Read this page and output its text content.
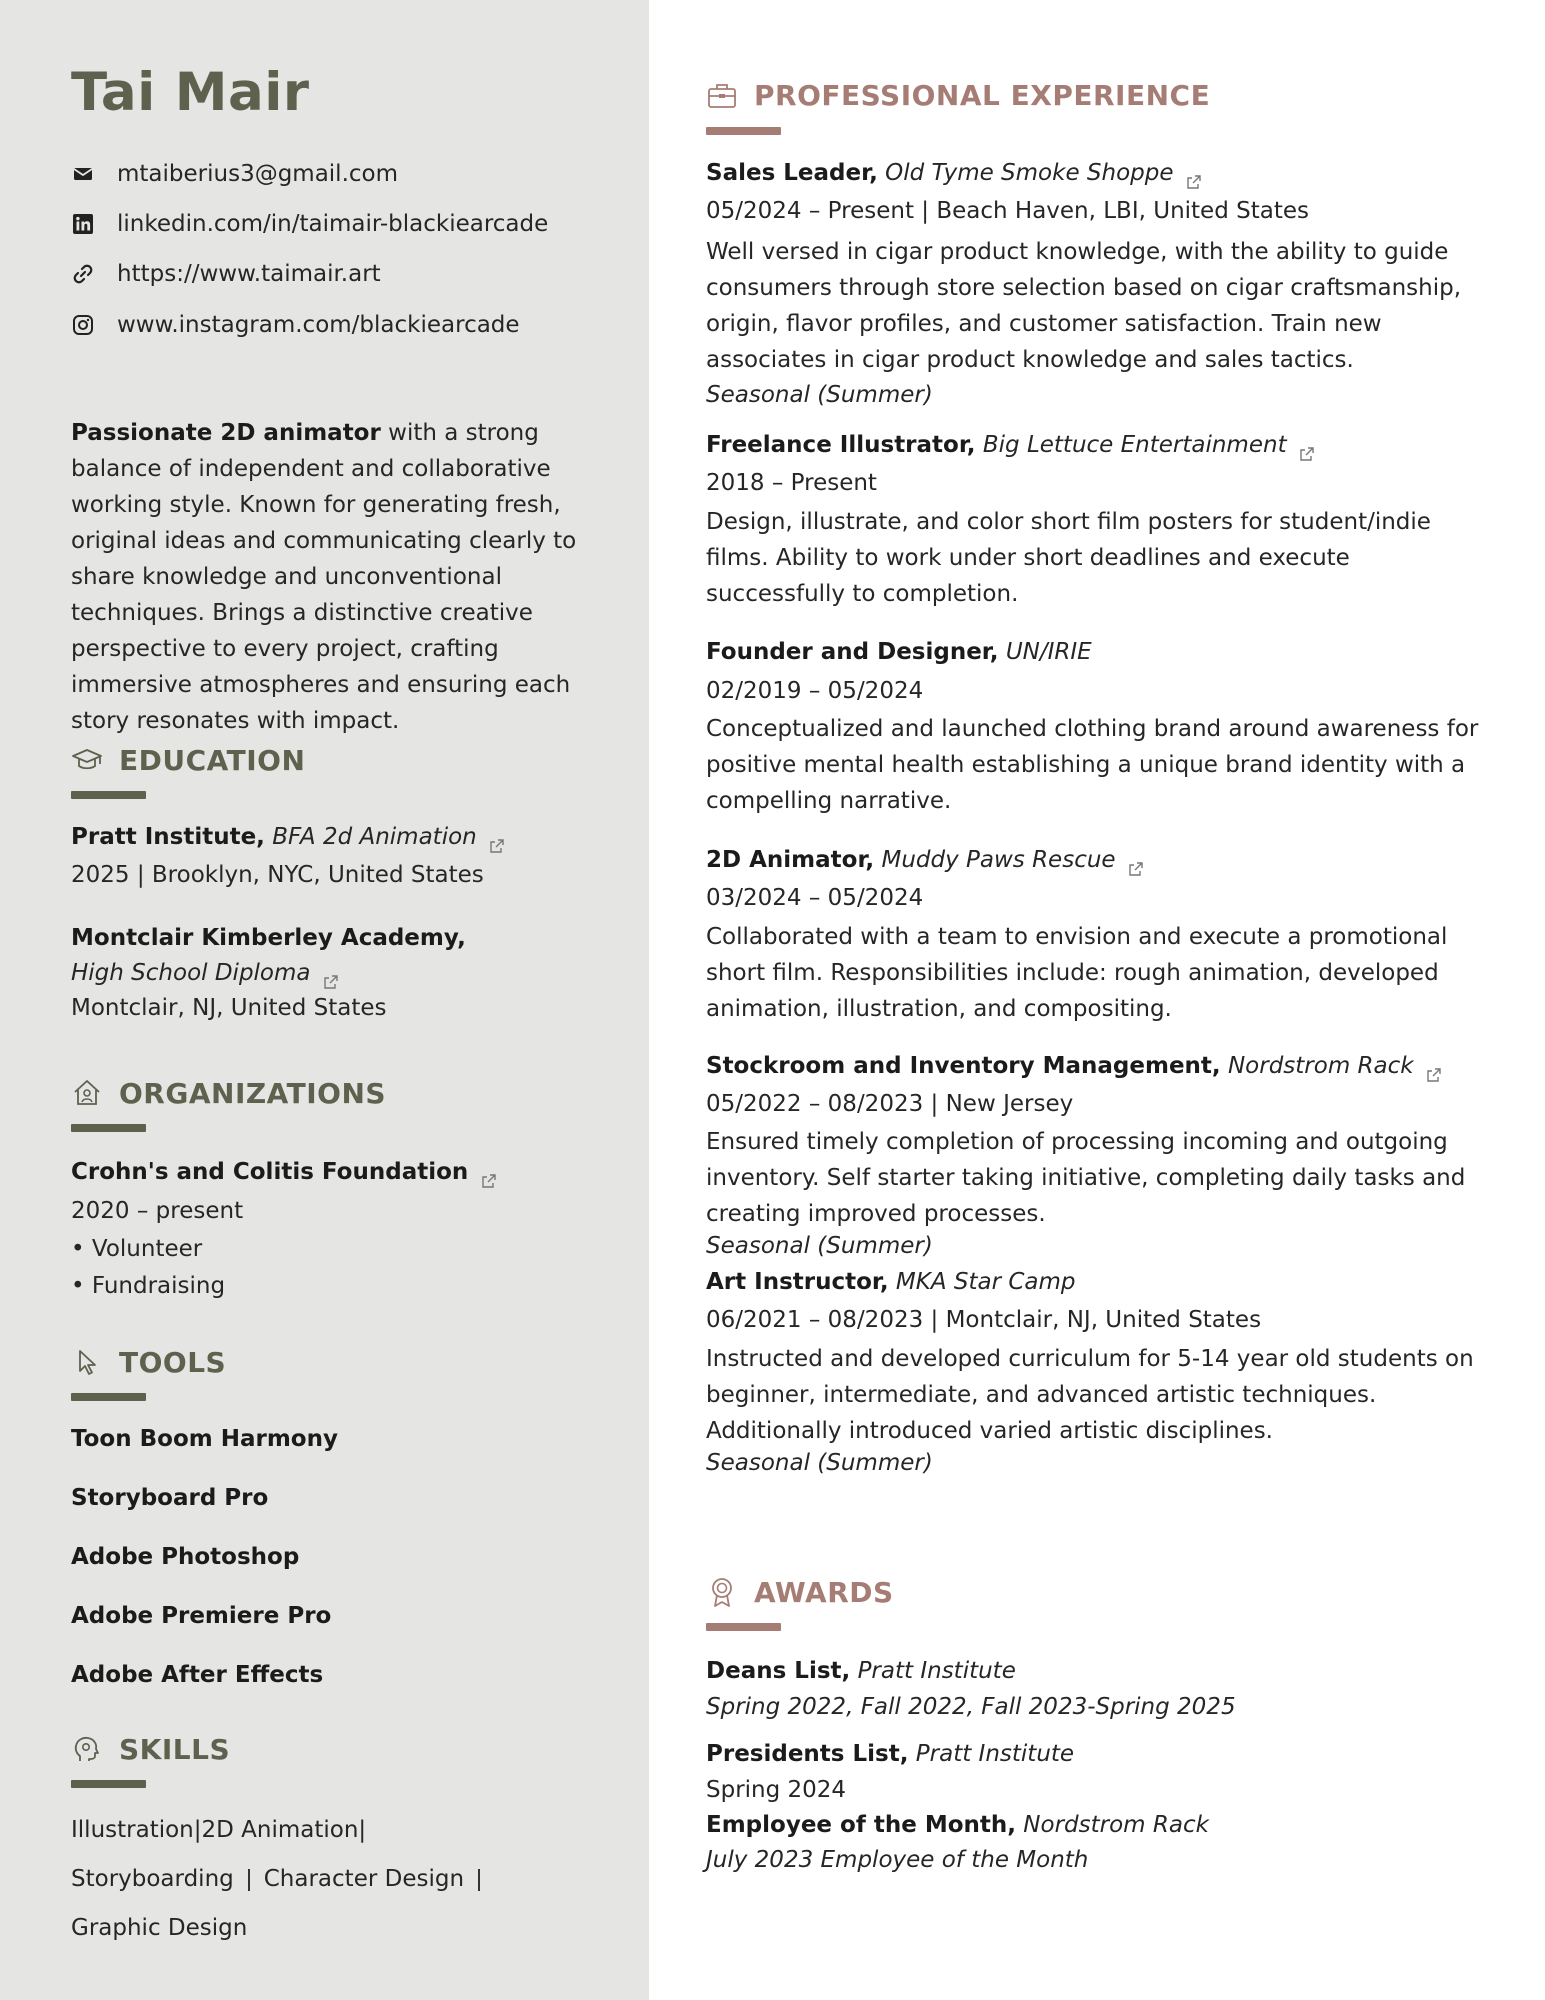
Tai Mair
mtaiberius3@gmail.com
linkedin.com/in/taimair-blackiearcade
https://www.taimair.art
www.instagram.com/blackiearcade

Passionate 2D animator with a strong balance of independent and collaborative working style. Known for generating fresh, original ideas and communicating clearly to share knowledge and unconventional techniques. Brings a distinctive creative perspective to every project, crafting immersive atmospheres and ensuring each story resonates with impact.

EDUCATION
Pratt Institute, BFA 2d Animation
2025 | Brooklyn, NYC, United States
Montclair Kimberley Academy,
High School Diploma
Montclair, NJ, United States
ORGANIZATIONS
Crohn's and Colitis Foundation
2020 – present
• Volunteer
• Fundraising
TOOLS
Toon Boom Harmony
Storyboard Pro
Adobe Photoshop
Adobe Premiere Pro
Adobe After Effects
SKILLS
Illustration|2D Animation|
Storyboarding Character Design
Graphic Design
PROFESSIONAL EXPERIENCE
Sales Leader, Old Tyme Smoke Shoppe
05/2024 – Present | Beach Haven, LBI, United States

Well versed in cigar product knowledge, with the ability to guide consumers through store selection based on cigar craftsmanship, origin, flavor profiles, and customer satisfaction. Train new associates in cigar product knowledge and sales tactics.

Seasonal (Summer)
Freelance Illustrator, Big Lettuce Entertainment
2018 – Present

Design, illustrate, and color short film posters for student/indie films. Ability to work under short deadlines and execute successfully to completion.

Founder and Designer, UN/IRIE
02/2019 – 05/2024

Conceptualized and launched clothing brand around awareness for positive mental health establishing a unique brand identity with a compelling narrative.

2D Animator, Muddy Paws Rescue
03/2024 – 05/2024

Collaborated with a team to envision and execute a promotional short film. Responsibilities include: rough animation, developed animation, illustration, and compositing.

Stockroom and Inventory Management, Nordstrom Rack
05/2022 – 08/2023 | New Jersey

Ensured timely completion of processing incoming and outgoing inventory. Self starter taking initiative, completing daily tasks and creating improved processes.

Seasonal (Summer)
Art Instructor, MKA Star Camp
06/2021 – 08/2023 | Montclair, NJ, United States

Instructed and developed curriculum for 5-14 year old students on beginner, intermediate, and advanced artistic techniques. Additionally introduced varied artistic disciplines.

Seasonal (Summer)
AWARDS
Deans List, Pratt Institute
Spring 2022, Fall 2022, Fall 2023-Spring 2025
Presidents List, Pratt Institute
Spring 2024
Employee of the Month, Nordstrom Rack
July 2023 Employee of the Month
